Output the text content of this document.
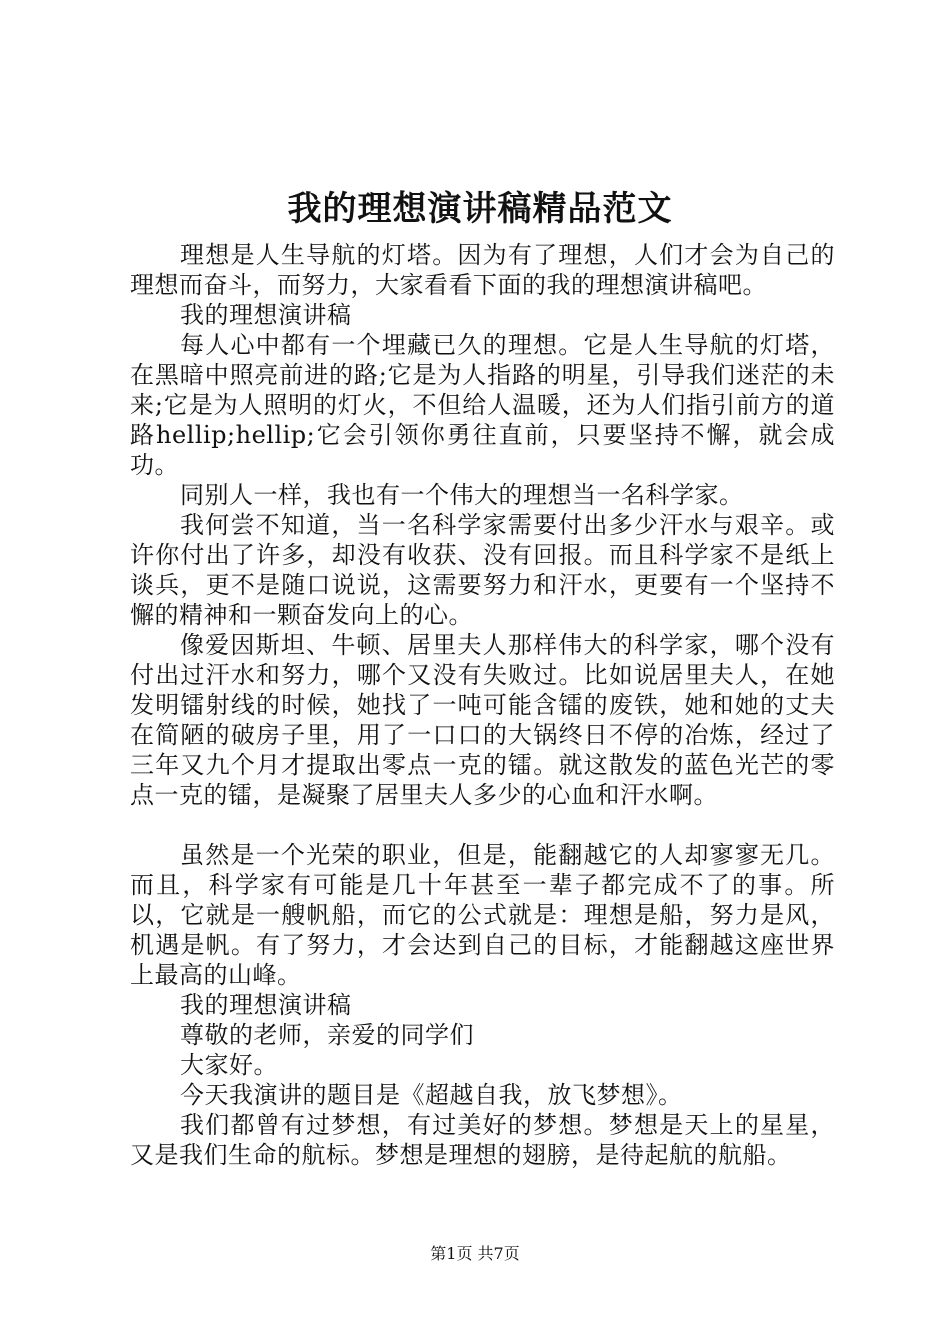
我的理想演讲稿精品范文

理想是人生导航的灯塔。因为有了理想，人们才会为自己的理想而奋斗，而努力，大家看看下面的我的理想演讲稿吧。

我的理想演讲稿

每人心中都有一个埋藏已久的理想。它是人生导航的灯塔，在黑暗中照亮前进的路;它是为人指路的明星，引导我们迷茫的未来;它是为人照明的灯火，不但给人温暖，还为人们指引前方的道路hellip;hellip;它会引领你勇往直前，只要坚持不懈，就会成功。

同别人一样，我也有一个伟大的理想当一名科学家。

我何尝不知道，当一名科学家需要付出多少汗水与艰辛。或许你付出了许多，却没有收获、没有回报。而且科学家不是纸上谈兵，更不是随口说说，这需要努力和汗水，更要有一个坚持不懈的精神和一颗奋发向上的心。

像爱因斯坦、牛顿、居里夫人那样伟大的科学家，哪个没有付出过汗水和努力，哪个又没有失败过。比如说居里夫人，在她发明镭射线的时候，她找了一吨可能含镭的废铁，她和她的丈夫在简陋的破房子里，用了一口口的大锅终日不停的冶炼，经过了三年又九个月才提取出零点一克的镭。就这散发的蓝色光芒的零点一克的镭，是凝聚了居里夫人多少的心血和汗水啊。

虽然是一个光荣的职业，但是，能翻越它的人却寥寥无几。而且，科学家有可能是几十年甚至一辈子都完成不了的事。所以，它就是一艘帆船，而它的公式就是：理想是船，努力是风，机遇是帆。有了努力，才会达到自己的目标，才能翻越这座世界上最高的山峰。

我的理想演讲稿

尊敬的老师，亲爱的同学们

大家好。

今天我演讲的题目是《超越自我，放飞梦想》。

我们都曾有过梦想，有过美好的梦想。梦想是天上的星星，又是我们生命的航标。梦想是理想的翅膀，是待起航的航船。

第1页 共7页
